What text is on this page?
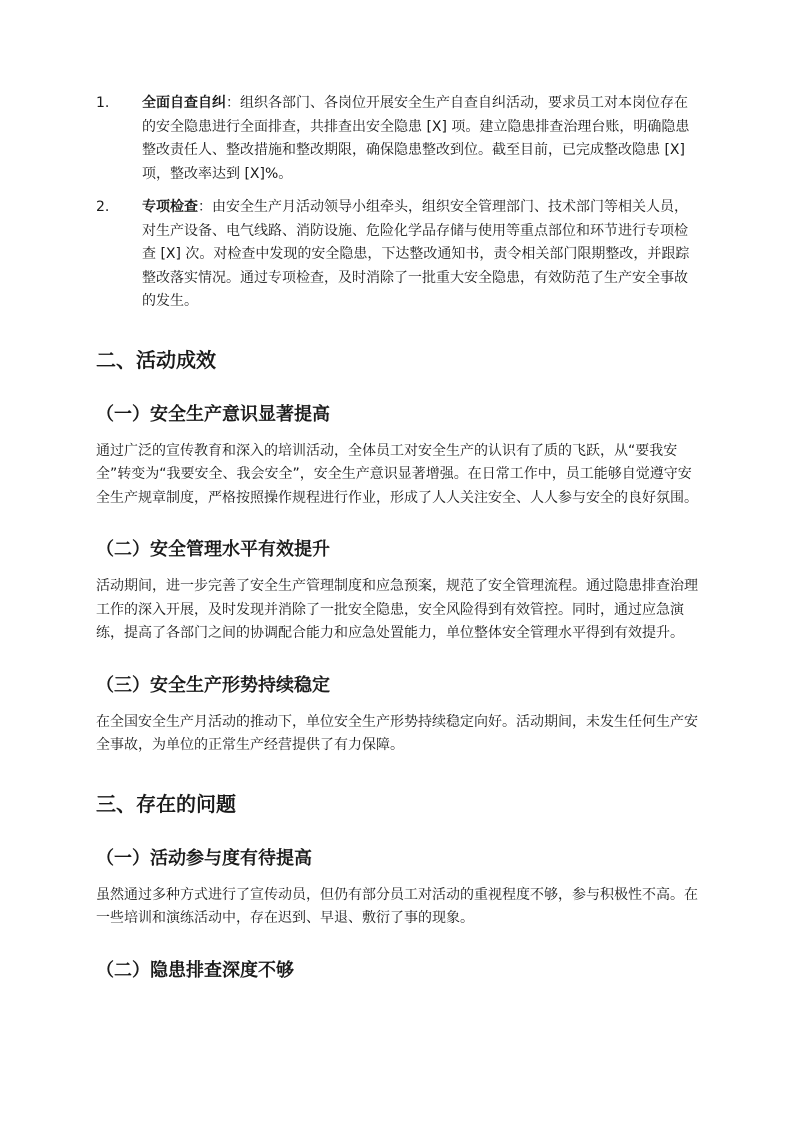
1. 全面自查自纠：组织各部门、各岗位开展安全生产自查自纠活动，要求员工对本岗位存在的安全隐患进行全面排查，共排查出安全隐患 [X] 项。建立隐患排查治理台账，明确隐患整改责任人、整改措施和整改期限，确保隐患整改到位。截至目前，已完成整改隐患 [X] 项，整改率达到 [X]%。
2. 专项检查：由安全生产月活动领导小组牵头，组织安全管理部门、技术部门等相关人员，对生产设备、电气线路、消防设施、危险化学品存储与使用等重点部位和环节进行专项检查 [X] 次。对检查中发现的安全隐患，下达整改通知书，责令相关部门限期整改，并跟踪整改落实情况。通过专项检查，及时消除了一批重大安全隐患，有效防范了生产安全事故的发生。
二、活动成效
（一）安全生产意识显著提高

通过广泛的宣传教育和深入的培训活动，全体员工对安全生产的认识有了质的飞跃，从“要我安全”转变为“我要安全、我会安全”，安全生产意识显著增强。在日常工作中，员工能够自觉遵守安全生产规章制度，严格按照操作规程进行作业，形成了人人关注安全、人人参与安全的良好氛围。

（二）安全管理水平有效提升

活动期间，进一步完善了安全生产管理制度和应急预案，规范了安全管理流程。通过隐患排查治理工作的深入开展，及时发现并消除了一批安全隐患，安全风险得到有效管控。同时，通过应急演练，提高了各部门之间的协调配合能力和应急处置能力，单位整体安全管理水平得到有效提升。

（三）安全生产形势持续稳定

在全国安全生产月活动的推动下，单位安全生产形势持续稳定向好。活动期间，未发生任何生产安全事故，为单位的正常生产经营提供了有力保障。

三、存在的问题
（一）活动参与度有待提高

虽然通过多种方式进行了宣传动员，但仍有部分员工对活动的重视程度不够，参与积极性不高。在一些培训和演练活动中，存在迟到、早退、敷衍了事的现象。

（二）隐患排查深度不够
